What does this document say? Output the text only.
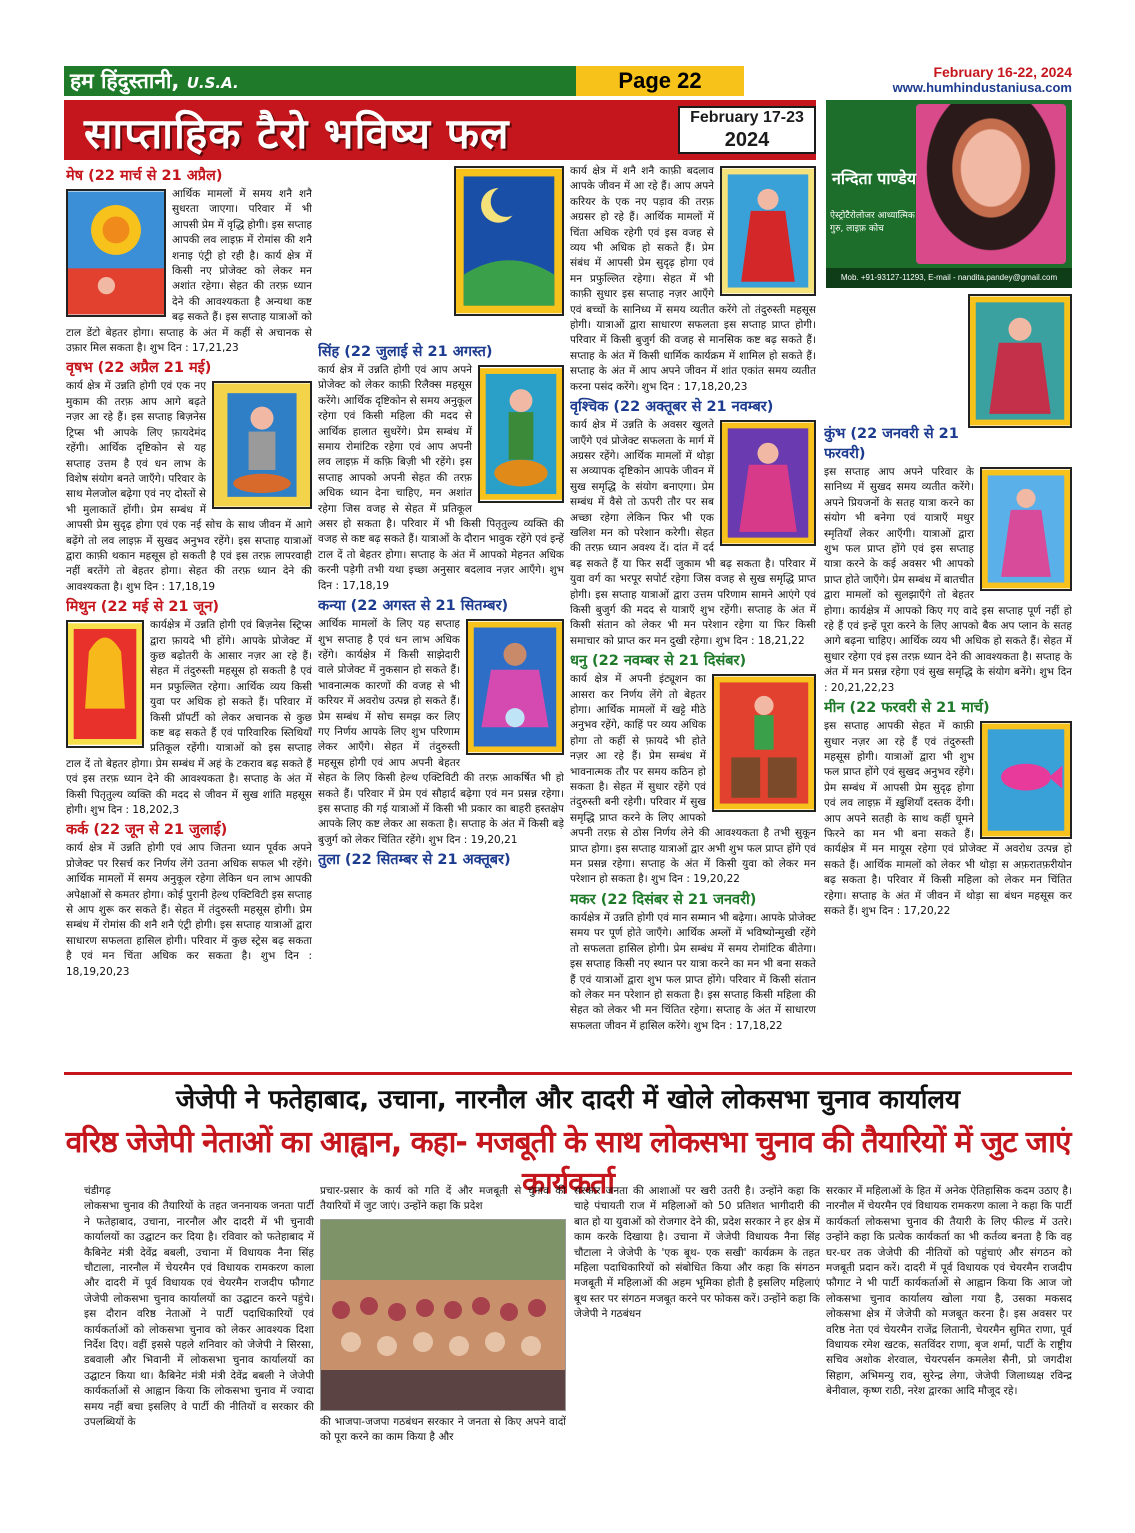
हम हिंदुस्तानी, U.S.A.	Page 22	February 16-22, 2024
www.humhindustaniusa.com
साप्ताहिक टैरो भविष्य फल	February 17-23
2024
नन्दिता पाण्डेय
ऐस्ट्रोटैरोलोजर आध्यात्मिक गुरु, लाइफ़ कोच
Mob. +91-93127-11293, E-mail - nandita.pandey@gmail.com
मेष (22 मार्च से 21 अप्रैल)
आर्थिक मामलों में समय शनै शनै सुधरता जाएगा। परिवार में भी आपसी प्रेम में वृद्धि होगी। इस सप्ताह आपकी लव लाइफ़ में रोमांस की शनै शनाइ एंट्री हो रही है। कार्य क्षेत्र में किसी नए प्रोजेक्ट को लेकर मन अशांत रहेगा। सेहत की तरफ़ ध्यान देने की आवश्यकता है अन्यथा कष्ट बढ़ सकते हैं। इस सप्ताह यात्राओं को टाल डेंटो बेहतर होगा। सप्ताह के अंत में कहीं से अचानक से उफ़ार मिल सकता है। शुभ दिन : 17,21,23
वृषभ (22 अप्रैल 21 मई)
कार्य क्षेत्र में उन्नति होगी एवं एक नए मुकाम की तरफ़ आप आगे बढ़ते नज़र आ रहे हैं। इस सप्ताह बिज़नेस ट्रिप्स भी आपके लिए फ़ायदेमंद रहेंगी। आर्थिक दृष्टिकोन से यह सप्ताह उत्तम है एवं धन लाभ के विशेष संयोग बनते जाएँगे। परिवार के साथ मेलजोल बढ़ेगा एवं नए दोस्तों से भी मुलाकातें होंगी। प्रेम सम्बंध में आपसी प्रेम सुदृढ़ होगा एवं एक नई सोच के साथ जीवन में आगे बढ़ेंगे तो लव लाइफ़ में सुखद अनुभव रहेंगे। इस सप्ताह यात्राओं द्वारा काफ़ी थकान महसूस हो सकती है एवं इस तरफ़ लापरवाही नहीं बरतेंगे तो बेहतर होगा। सेहत की तरफ़ ध्यान देने की आवश्यकता है। शुभ दिन : 17,18,19
मिथुन (22 मई से 21 जून)
कार्यक्षेत्र में उन्नति होगी एवं बिज़नेस स्ट्रिप्स द्वारा फ़ायदे भी होंगे। आपके प्रोजेक्ट में कुछ बढ़ोतरी के आसार नज़र आ रहे हैं। सेहत में तंदुरुस्ती महसूस हो सकती है एवं मन प्रफुल्लित रहेगा। आर्थिक व्यय किसी युवा पर अधिक हो सकते हैं। परिवार में किसी प्रॉपर्टी को लेकर अचानक से कुछ कष्ट बढ़ सकते हैं एवं पारिवारिक स्तिथियाँ प्रतिकूल रहेंगी। यात्राओं को इस सप्ताह टाल दें तो बेहतर होगा। प्रेम सम्बंध में अहं के टकराव बढ़ सकते हैं एवं इस तरफ़ ध्यान देने की आवश्यकता है। सप्ताह के अंत में किसी पितृतुल्य व्यक्ति की मदद से जीवन में सुख शांति महसूस होगी। शुभ दिन : 18,202,3
कर्क (22 जून से 21 जुलाई)
कार्य क्षेत्र में उन्नति होगी एवं आप जितना ध्यान पूर्वक अपने प्रोजेक्ट पर रिसर्च कर निर्णय लेंगे उतना अधिक सफल भी रहेंगे। आर्थिक मामलों में समय अनुकूल रहेगा लेकिन धन लाभ आपकी अपेक्षाओं से कमतर होगा। कोई पुरानी हेल्थ एक्टिविटी इस सप्ताह से आप शुरू कर सकते हैं। सेहत में तंदुरुस्ती महसूस होगी। प्रेम सम्बंध में रोमांस की शनै शनै एंट्री होगी। इस सप्ताह यात्राओं द्वारा साधारण सफलता हासिल होगी। परिवार में कुछ स्ट्रेस बढ़ सकता है एवं मन चिंता अधिक कर सकता है। शुभ दिन : 18,19,20,23
सिंह (22 जुलाई से 21 अगस्त)
कार्य क्षेत्र में उन्नति होगी एवं आप अपने प्रोजेक्ट को लेकर काफ़ी रिलैक्स महसूस करेंगे। आर्थिक दृष्टिकोन से समय अनुकूल रहेगा एवं किसी महिला की मदद से आर्थिक हालात सुधरेंगे। प्रेम सम्बंध में समाय रोमांटिक रहेगा एवं आप अपनी लव लाइफ़ में कफ़ि बिज़ी भी रहेंगे। इस सप्ताह आपको अपनी सेहत की तरफ़ अधिक ध्यान देना चाहिए, मन अशांत रहेगा जिस वजह से सेहत में प्रतिकूल असर हो सकता है। परिवार में भी किसी पितृतुल्य व्यक्ति की वजह से कष्ट बढ़ सकते हैं। यात्राओं के दौरान भावुक रहेंगे एवं इन्हें टाल दें तो बेहतर होगा। सप्ताह के अंत में आपको मेहनत अधिक करनी पड़ेगी तभी यथा इच्छा अनुसार बदलाव नज़र आएँगे। शुभ दिन : 17,18,19
कन्या (22 अगस्त से 21 सितम्बर)
आर्थिक मामलों के लिए यह सप्ताह शुभ सप्ताह है एवं धन लाभ अधिक रहेंगे। कार्यक्षेत्र में किसी साझेदारी वाले प्रोजेक्ट में नुकसान हो सकते हैं। भावनात्मक कारणों की वजह से भी करियर में अवरोध उत्पन्न हो सकते हैं। प्रेम सम्बंध में सोच समझ कर लिए गए निर्णय आपके लिए शुभ परिणाम लेकर आएँगे। सेहत में तंदुरुस्ती महसूस होगी एवं आप अपनी बेहतर सेहत के लिए किसी हेल्थ एक्टिविटी की तरफ़ आकर्षित भी हो सकते हैं। परिवार में प्रेम एवं सौहार्द बढ़ेगा एवं मन प्रसन्न रहेगा। इस सप्ताह की गई यात्राओं में किसी भी प्रकार का बाहरी हस्तक्षेप आपके लिए कष्ट लेकर आ सकता है। सप्ताह के अंत में किसी बड़े बुजुर्ग को लेकर चिंतित रहेंगे। शुभ दिन : 19,20,21
तुला (22 सितम्बर से 21 अक्तूबर)
कार्य क्षेत्र में शनै शनै काफ़ी बदलाव आपके जीवन में आ रहे हैं। आप अपने करियर के एक नए पड़ाव की तरफ़ अग्रसर हो रहे हैं। आर्थिक मामलों में चिंता अधिक रहेगी एवं इस वजह से व्यय भी अधिक हो सकते हैं। प्रेम संबंध में आपसी प्रेम सुदृढ़ होगा एवं मन प्रफुल्लित रहेगा। सेहत में भी काफ़ी सुधार इस सप्ताह नज़र आएँगे एवं बच्चों के सानिध्य में समय व्यतीत करेंगे तो तंदुरुस्ती महसूस होगी। यात्राओं द्वारा साधारण सफलता इस सप्ताह प्राप्त होगी। परिवार में किसी बुजुर्ग की वजह से मानसिक कष्ट बढ़ सकते हैं। सप्ताह के अंत में किसी धार्मिक कार्यक्रम में शामिल हो सकते हैं। सप्ताह के अंत में आप अपने जीवन में शांत एकांत समय व्यतीत करना पसंद करेंगे। शुभ दिन : 17,18,20,23
वृश्चिक (22 अक्तूबर से 21 नवम्बर)
कार्य क्षेत्र में उन्नति के अवसर खुलते जाएँगे एवं प्रोजेक्ट सफलता के मार्ग में अग्रसर रहेंगे। आर्थिक मामलों में थोड़ा स अव्यापक दृष्टिकोन आपके जीवन में सुख समृद्धि के संयोग बनाएगा। प्रेम सम्बंध में वैसे तो ऊपरी तौर पर सब अच्छा रहेगा लेकिन फिर भी एक खलिश मन को परेशान करेगी। सेहत की तरफ़ ध्यान अवश्य दें। दांत में दर्द बढ़ सकते हैं या फिर सर्दी जुकाम भी बढ़ सकता है। परिवार में युवा वर्ग का भरपूर सपोर्ट रहेगा जिस वजह से सुख समृद्धि प्राप्त होगी। इस सप्ताह यात्राओं द्वारा उत्तम परिणाम सामने आएंगे एवं किसी बुजुर्ग की मदद से यात्राएँ शुभ रहेंगी। सप्ताह के अंत में किसी संतान को लेकर भी मन परेशान रहेगा या फिर किसी समाचार को प्राप्त कर मन दुखी रहेगा। शुभ दिन : 18,21,22
धनु (22 नवम्बर से 21 दिसंबर)
कार्य क्षेत्र में अपनी इंट्यूशन का आसरा कर निर्णय लेंगे तो बेहतर होगा। आर्थिक मामलों में खट्टे मीठे अनुभव रहेंगे, काहिं पर व्यय अधिक होगा तो कहीं से फ़ायदे भी होते नज़र आ रहे हैं। प्रेम सम्बंध में भावनात्मक तौर पर समय कठिन हो सकता है। सेहत में सुधार रहेंगे एवं तंदुरुस्ती बनी रहेगी। परिवार में सुख समृद्धि प्राप्त करने के लिए आपको अपनी तरफ़ से ठोस निर्णय लेने की आवश्यकता है तभी सुकून प्राप्त होगा। इस सप्ताह यात्राओं द्वार अभी शुभ फल प्राप्त होंगे एवं मन प्रसन्न रहेगा। सप्ताह के अंत में किसी युवा को लेकर मन परेशान हो सकता है। शुभ दिन : 19,20,22
मकर (22 दिसंबर से 21 जनवरी)
कार्यक्षेत्र में उन्नति होगी एवं मान सम्मान भी बढ़ेगा। आपके प्रोजेक्ट समय पर पूर्ण होते जाएँगे। आर्थिक अम्लों में भविष्योन्मुखी रहेंगे तो सफलता हासिल होगी। प्रेम सम्बंध में समय रोमांटिक बीतेगा। इस सप्ताह किसी नए स्थान पर यात्रा करने का मन भी बना सकते हैं एवं यात्राओं द्वारा शुभ फल प्राप्त होंगे। परिवार में किसी संतान को लेकर मन परेशान हो सकता है। इस सप्ताह किसी महिला की सेहत को लेकर भी मन चिंतित रहेगा। सप्ताह के अंत में साधारण सफलता जीवन में हासिल करेंगे। शुभ दिन : 17,18,22
कुंभ (22 जनवरी से 21 फरवरी)
इस सप्ताह आप अपने परिवार के सानिध्य में सुखद समय व्यतीत करेंगे। अपने प्रियजनों के सतह यात्रा करने का संयोग भी बनेगा एवं यात्राएँ मधुर स्मृतियाँ लेकर आएँगी। यात्राओं द्वारा शुभ फल प्राप्त होंगे एवं इस सप्ताह यात्रा करने के कई अवसर भी आपको प्राप्त होते जाएँगे। प्रेम सम्बंध में बातचीत द्वारा मामलों को सुलझाएँगे तो बेहतर होगा। कार्यक्षेत्र में आपको किए गए वादे इस सप्ताह पूर्ण नहीं हो रहे हैं एवं इन्हें पूरा करने के लिए आपको बैक अप प्लान के सतह आगे बढ़ना चाहिए। आर्थिक व्यय भी अधिक हो सकते हैं। सेहत में सुधार रहेगा एवं इस तरफ़ ध्यान देने की आवश्यकता है। सप्ताह के अंत में मन प्रसन्न रहेगा एवं सुख समृद्धि के संयोग बनेंगे। शुभ दिन : 20,21,22,23
मीन (22 फरवरी से 21 मार्च)
इस सप्ताह आपकी सेहत में काफ़ी सुधार नज़र आ रहे हैं एवं तंदुरुस्ती महसूस होगी। यात्राओं द्वारा भी शुभ फल प्राप्त होंगे एवं सुखद अनुभव रहेंगे। प्रेम सम्बंध में आपसी प्रेम सुदृढ़ होगा एवं लव लाइफ़ में ख़ुशियाँ दस्तक देंगी। आप अपने सतही के साथ कहीं घूमने फिरने का मन भी बना सकते हैं। कार्यक्षेत्र में मन मायूस रहेगा एवं प्रोजेक्ट में अवरोध उत्पन्न हो सकते हैं। आर्थिक मामलों को लेकर भी थोड़ा स अफ़रातफ़रीयोन बढ़ सकता है। परिवार में किसी महिला को लेकर मन चिंतित रहेगा। सप्ताह के अंत में जीवन में थोड़ा सा बंधन महसूस कर सकते हैं। शुभ दिन : 17,20,22
जेजेपी ने फतेहाबाद, उचाना, नारनौल और दादरी में खोले लोकसभा चुनाव कार्यालय
वरिष्ठ जेजेपी नेताओं का आह्वान, कहा- मजबूती के साथ लोकसभा चुनाव की तैयारियों में जुट जाएं कार्यकर्ता
चंडीगढ़
लोकसभा चुनाव की तैयारियों के तहत जननायक जनता पार्टी ने फतेहाबाद, उचाना, नारनौल और दादरी में भी चुनावी कार्यालयों का उद्घाटन कर दिया है। रविवार को फतेहाबाद में कैबिनेट मंत्री देवेंद्र बबली, उचाना में विधायक नैना सिंह चौटाला, नारनौल में चेयरमैन एवं विधायक रामकरण काला और दादरी में पूर्व विधायक एवं चेयरमैन राजदीप फौगाट जेजेपी लोकसभा चुनाव कार्यालयों का उद्घाटन करने पहुंचे। इस दौरान वरिष्ठ नेताओं ने पार्टी पदाधिकारियों एवं कार्यकर्ताओं को लोकसभा चुनाव को लेकर आवश्यक दिशा निर्देश दिए। वहीं इससे पहले शनिवार को जेजेपी ने सिरसा, डबवाली और भिवानी में लोकसभा चुनाव कार्यालयों का उद्घाटन किया था। कैबिनेट मंत्री मंत्री देवेंद्र बबली ने जेजेपी कार्यकर्ताओं से आह्वान किया कि लोकसभा चुनाव में ज्यादा समय नहीं बचा इसलिए वे पार्टी की नीतियों व सरकार की उपलब्धियों के
प्रचार-प्रसार के कार्य को गति दें और मजबूती से चुनाव की तैयारियों में जुट जाएं। उन्होंने कहा कि प्रदेश
की भाजपा-जजपा गठबंधन सरकार ने जनता से किए अपने वादों को पूरा करने का काम किया है और
सरकार जनता की आशाओं पर खरी उतरी है। उन्होंने कहा कि चाहे पंचायती राज में महिलाओं को 50 प्रतिशत भागीदारी की बात हो या युवाओं को रोजगार देने की, प्रदेश सरकार ने हर क्षेत्र में काम करके दिखाया है। उचाना में जेजेपी विधायक नैना सिंह चौटाला ने जेजेपी के 'एक बूथ- एक सखी' कार्यक्रम के तहत महिला पदाधिकारियों को संबोधित किया और कहा कि संगठन मजबूती में महिलाओं की अहम भूमिका होती है इसलिए महिलाएं बूथ स्तर पर संगठन मजबूत करने पर फोकस करें। उन्होंने कहा कि जेजेपी ने गठबंधन
सरकार में महिलाओं के हित में अनेक ऐतिहासिक कदम उठाए है। नारनौल में चेयरमैन एवं विधायक रामकरण काला ने कहा कि पार्टी कार्यकर्ता लोकसभा चुनाव की तैयारी के लिए फील्ड में उतरे। उन्होंने कहा कि प्रत्येक कार्यकर्ता का भी कर्तव्य बनता है कि वह घर-घर तक जेजेपी की नीतियों को पहुंचाएं और संगठन को मजबूती प्रदान करें। दादरी में पूर्व विधायक एवं चेयरमैन राजदीप फौगाट ने भी पार्टी कार्यकर्ताओं से आह्वान किया कि आज जो लोकसभा चुनाव कार्यालय खोला गया है, उसका मकसद लोकसभा क्षेत्र में जेजेपी को मजबूत करना है। इस अवसर पर वरिष्ठ नेता एवं चेयरमैन राजेंद्र लितानी, चेयरमैन सुमित राणा, पूर्व विधायक रमेश खटक, सतविंदर राणा, बृज शर्मा, पार्टी के राष्ट्रीय सचिव अशोक शेरवाल, चेयरपर्सन कमलेश सैनी, प्रो जगदीश सिहाग, अभिमन्यु राव, सुरेन्द्र लेगा, जेजेपी जिलाध्यक्ष रविन्द्र बेनीवाल, कृष्ण राठी, नरेश द्वारका आदि मौजूद रहे।
